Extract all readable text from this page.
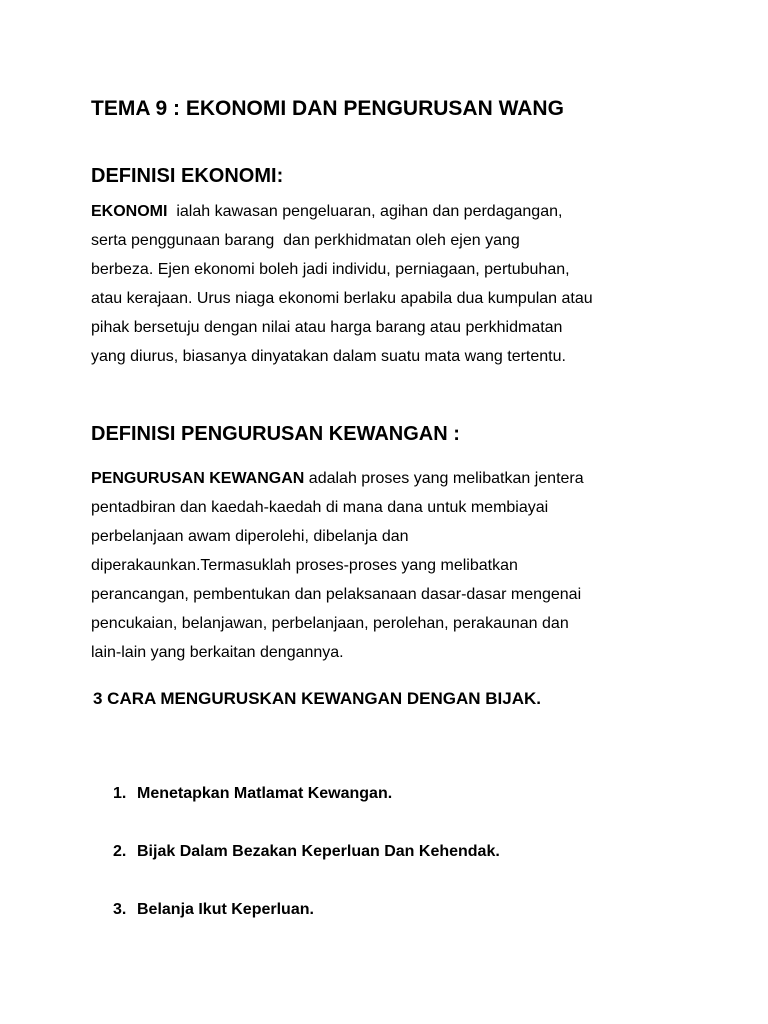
TEMA 9 : EKONOMI DAN PENGURUSAN WANG
DEFINISI EKONOMI:
EKONOMI  ialah kawasan pengeluaran, agihan dan perdagangan,
serta penggunaan barang  dan perkhidmatan oleh ejen yang
berbeza. Ejen ekonomi boleh jadi individu, perniagaan, pertubuhan,
atau kerajaan. Urus niaga ekonomi berlaku apabila dua kumpulan atau
pihak bersetuju dengan nilai atau harga barang atau perkhidmatan
yang diurus, biasanya dinyatakan dalam suatu mata wang tertentu.
DEFINISI PENGURUSAN KEWANGAN :
PENGURUSAN KEWANGAN adalah proses yang melibatkan jentera
pentadbiran dan kaedah-kaedah di mana dana untuk membiayai
perbelanjaan awam diperolehi, dibelanja dan
diperakaunkan.Termasuklah proses-proses yang melibatkan
perancangan, pembentukan dan pelaksanaan dasar-dasar mengenai
pencukaian, belanjawan, perbelanjaan, perolehan, perakaunan dan
lain-lain yang berkaitan dengannya.
3 CARA MENGURUSKAN KEWANGAN DENGAN BIJAK.
1. Menetapkan Matlamat Kewangan.
2. Bijak Dalam Bezakan Keperluan Dan Kehendak.
3. Belanja Ikut Keperluan.
